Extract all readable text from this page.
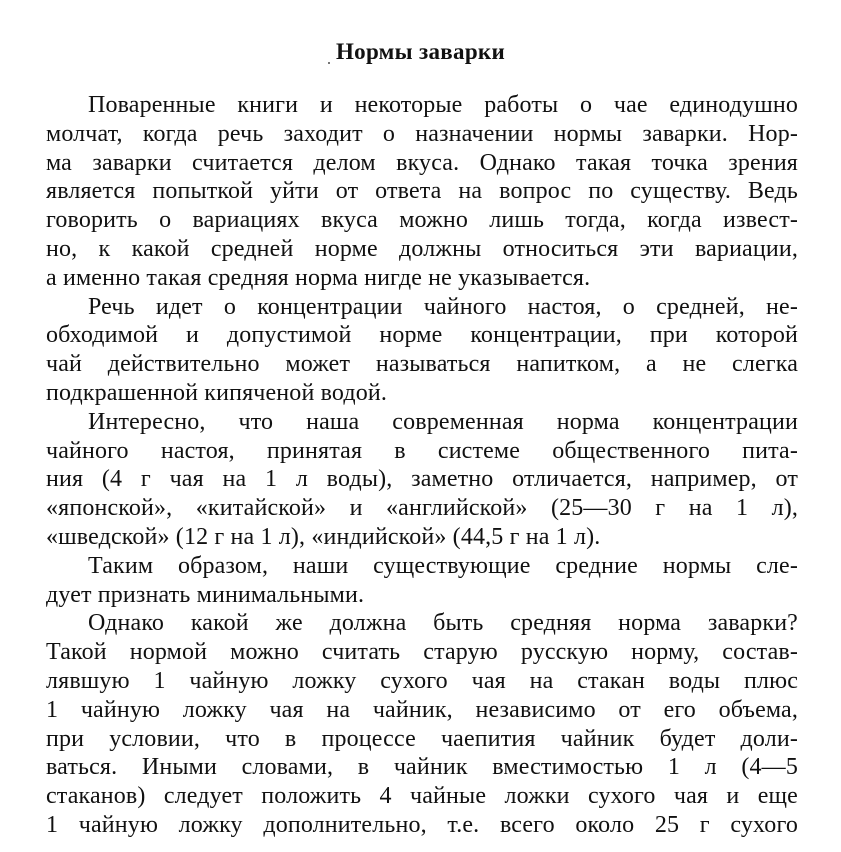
Нормы заварки
Поваренные книги и некоторые работы о чае единодушно
молчат, когда речь заходит о назначении нормы заварки. Нор-
ма заварки считается делом вкуса. Однако такая точка зрения
является попыткой уйти от ответа на вопрос по существу. Ведь
говорить о вариациях вкуса можно лишь тогда, когда извест-
но, к какой средней норме должны относиться эти вариации,
а именно такая средняя норма нигде не указывается.
Речь идет о концентрации чайного настоя, о средней, не-
обходимой и допустимой норме концентрации, при которой
чай действительно может называться напитком, а не слегка
подкрашенной кипяченой водой.
Интересно, что наша современная норма концентрации
чайного настоя, принятая в системе общественного пита-
ния (4 г чая на 1 л воды), заметно отличается, например, от
«японской», «китайской» и «английской» (25—30 г на 1 л),
«шведской» (12 г на 1 л), «индийской» (44,5 г на 1 л).
Таким образом, наши существующие средние нормы сле-
дует признать минимальными.
Однако какой же должна быть средняя норма заварки?
Такой нормой можно считать старую русскую норму, состав-
лявшую 1 чайную ложку сухого чая на стакан воды плюс
1 чайную ложку чая на чайник, независимо от его объема,
при условии, что в процессе чаепития чайник будет доли-
ваться. Иными словами, в чайник вместимостью 1 л (4—5
стаканов) следует положить 4 чайные ложки сухого чая и еще
1 чайную ложку дополнительно, т.е. всего около 25 г сухого
